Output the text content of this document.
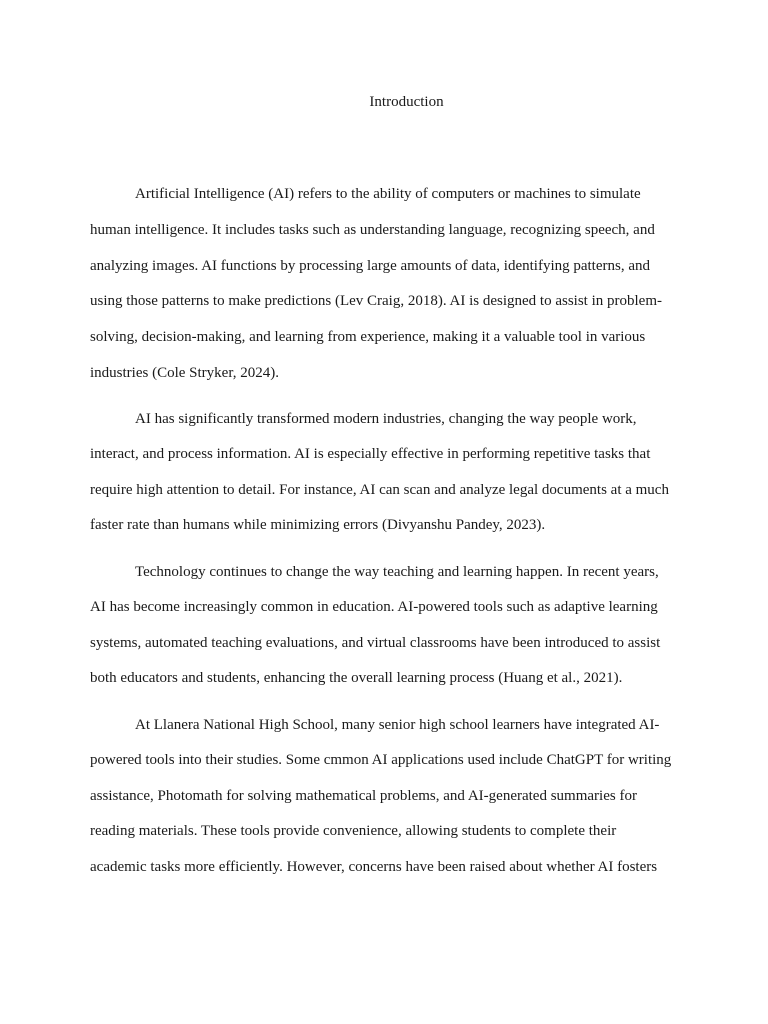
Introduction

Artificial Intelligence (AI) refers to the ability of computers or machines to simulate

human intelligence. It includes tasks such as understanding language, recognizing speech, and

analyzing images. AI functions by processing large amounts of data, identifying patterns, and

using those patterns to make predictions (Lev Craig, 2018). AI is designed to assist in problem-

solving, decision-making, and learning from experience, making it a valuable tool in various

industries (Cole Stryker, 2024).

AI has significantly transformed modern industries, changing the way people work,

interact, and process information. AI is especially effective in performing repetitive tasks that

require high attention to detail. For instance, AI can scan and analyze legal documents at a much

faster rate than humans while minimizing errors (Divyanshu Pandey, 2023).

Technology continues to change the way teaching and learning happen. In recent years,

AI has become increasingly common in education. AI-powered tools such as adaptive learning

systems, automated teaching evaluations, and virtual classrooms have been introduced to assist

both educators and students, enhancing the overall learning process (Huang et al., 2021).

At Llanera National High School, many senior high school learners have integrated AI-

powered tools into their studies. Some cmmon AI applications used include ChatGPT for writing

assistance, Photomath for solving mathematical problems, and AI-generated summaries for

reading materials. These tools provide convenience, allowing students to complete their

academic tasks more efficiently. However, concerns have been raised about whether AI fosters
